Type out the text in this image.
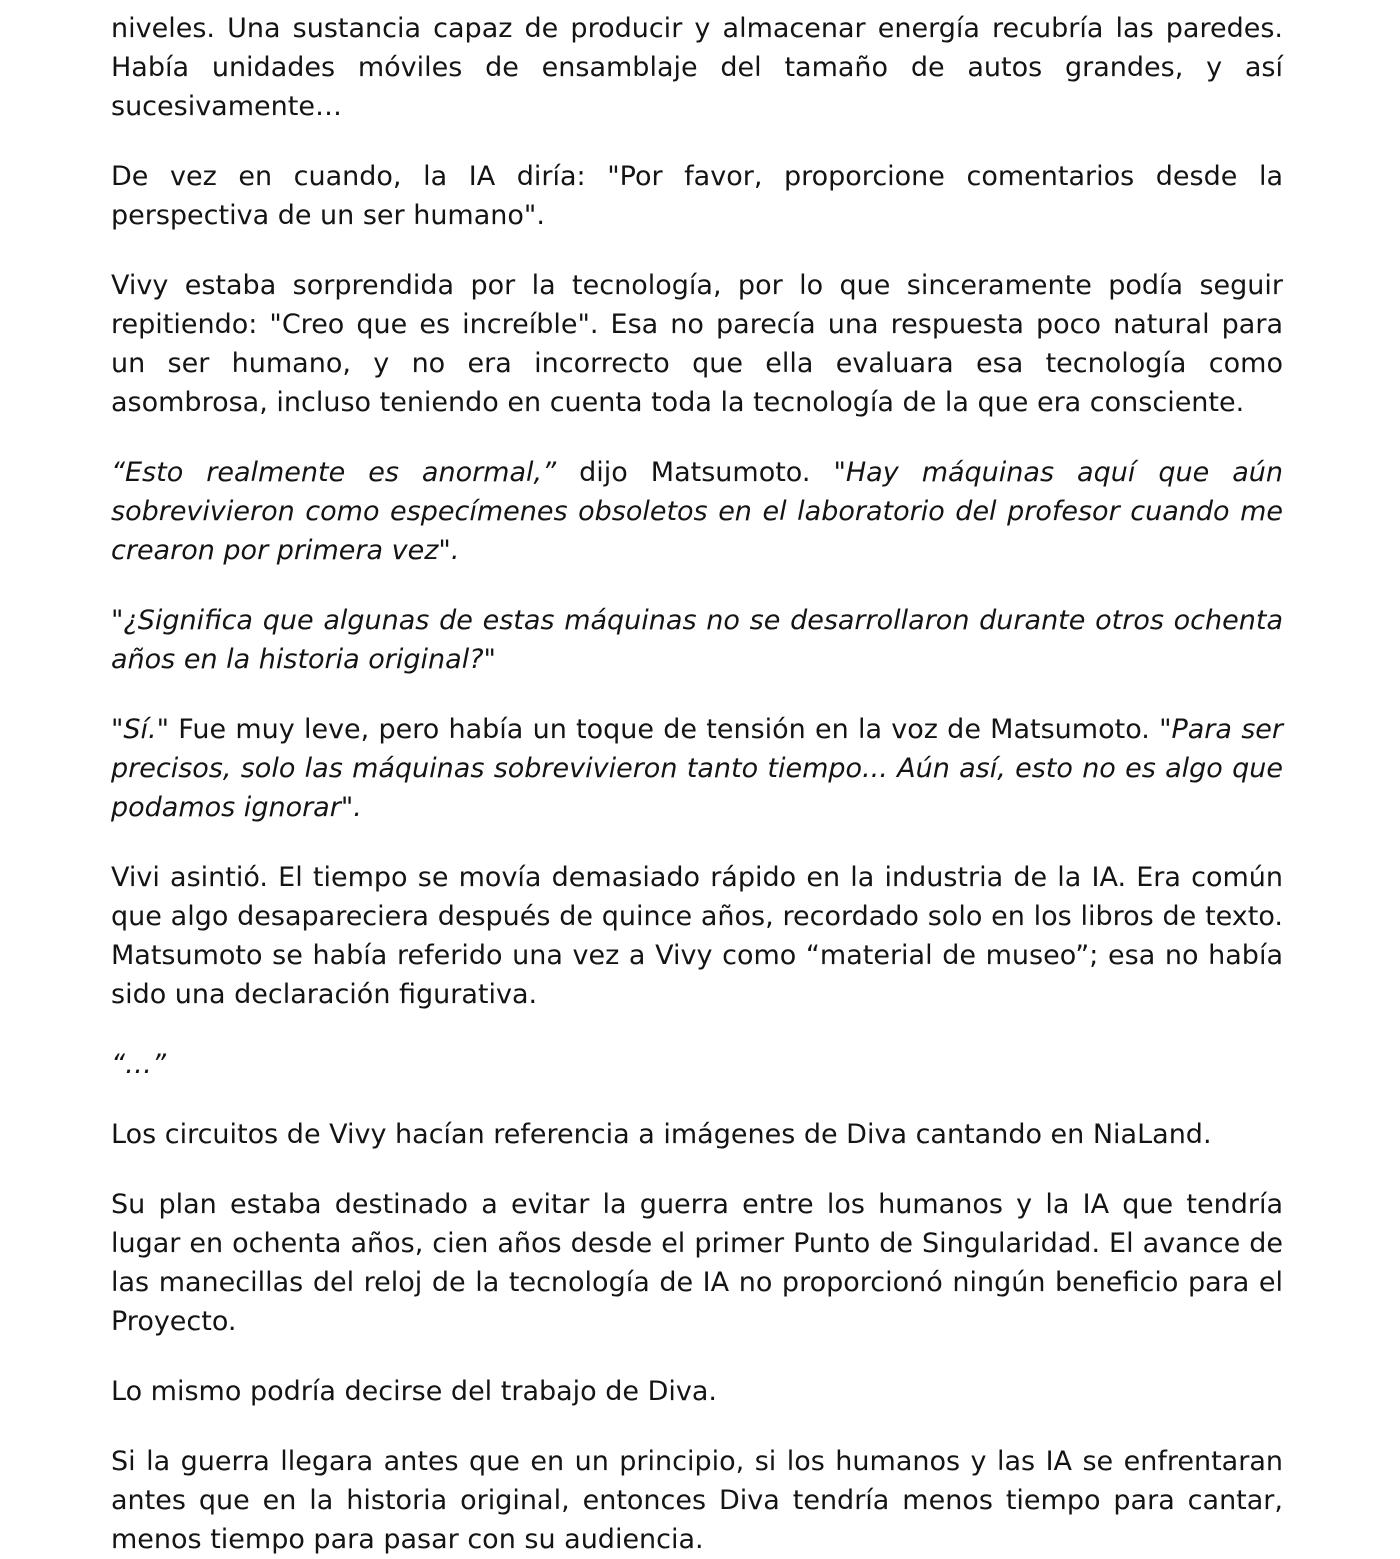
niveles. Una sustancia capaz de producir y almacenar energía recubría las paredes. Había unidades móviles de ensamblaje del tamaño de autos grandes, y así sucesivamente…

De vez en cuando, la IA diría: "Por favor, proporcione comentarios desde la perspectiva de un ser humano".

Vivy estaba sorprendida por la tecnología, por lo que sinceramente podía seguir repitiendo: "Creo que es increíble". Esa no parecía una respuesta poco natural para un ser humano, y no era incorrecto que ella evaluara esa tecnología como asombrosa, incluso teniendo en cuenta toda la tecnología de la que era consciente.

“Esto realmente es anormal,” dijo Matsumoto. "Hay máquinas aquí que aún sobrevivieron como especímenes obsoletos en el laboratorio del profesor cuando me crearon por primera vez".

"¿Significa que algunas de estas máquinas no se desarrollaron durante otros ochenta años en la historia original?"

"Sí." Fue muy leve, pero había un toque de tensión en la voz de Matsumoto. "Para ser precisos, solo las máquinas sobrevivieron tanto tiempo... Aún así, esto no es algo que podamos ignorar".

Vivi asintió. El tiempo se movía demasiado rápido en la industria de la IA. Era común que algo desapareciera después de quince años, recordado solo en los libros de texto. Matsumoto se había referido una vez a Vivy como “material de museo”; esa no había sido una declaración figurativa.

“…”

Los circuitos de Vivy hacían referencia a imágenes de Diva cantando en NiaLand.

Su plan estaba destinado a evitar la guerra entre los humanos y la IA que tendría lugar en ochenta años, cien años desde el primer Punto de Singularidad. El avance de las manecillas del reloj de la tecnología de IA no proporcionó ningún beneficio para el Proyecto.

Lo mismo podría decirse del trabajo de Diva.

Si la guerra llegara antes que en un principio, si los humanos y las IA se enfrentaran antes que en la historia original, entonces Diva tendría menos tiempo para cantar, menos tiempo para pasar con su audiencia.
